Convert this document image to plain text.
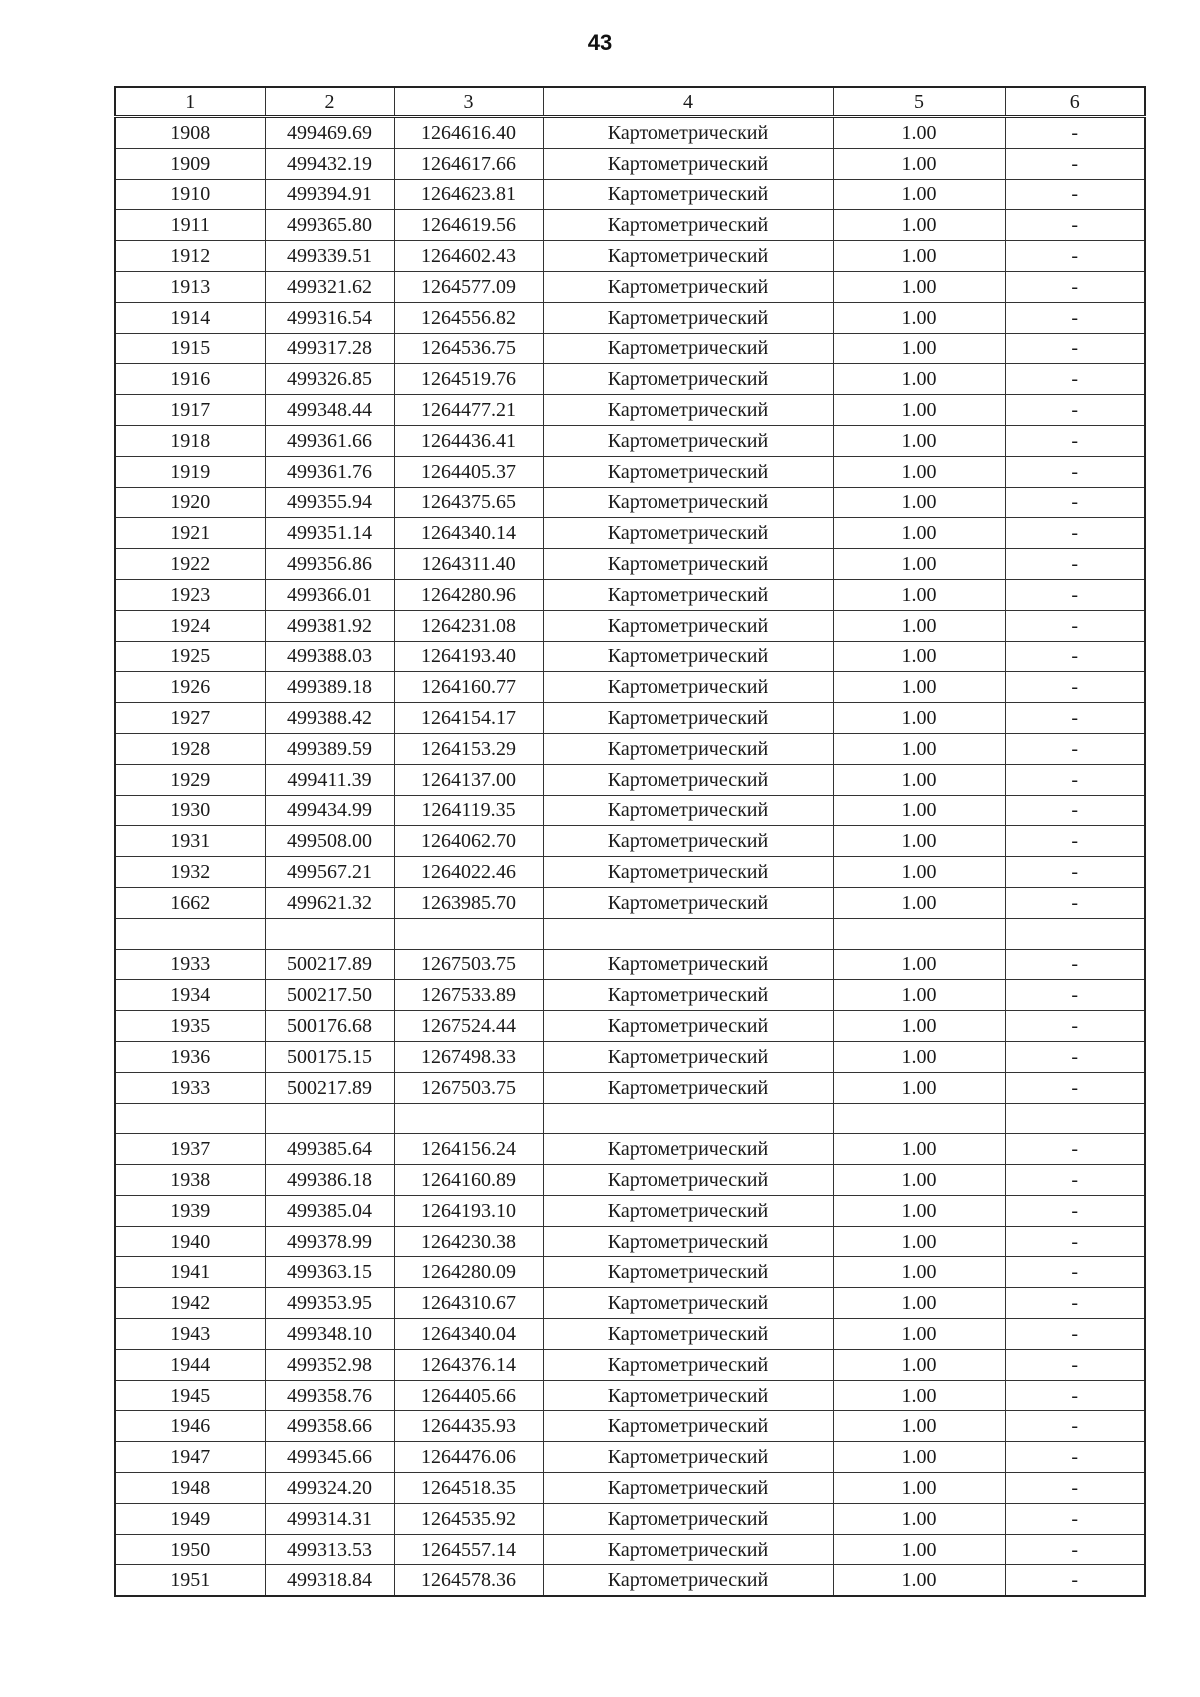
43
1	2	3	4	5	6
1908	499469.69	1264616.40	Картометрический	1.00	-
1909	499432.19	1264617.66	Картометрический	1.00	-
1910	499394.91	1264623.81	Картометрический	1.00	-
1911	499365.80	1264619.56	Картометрический	1.00	-
1912	499339.51	1264602.43	Картометрический	1.00	-
1913	499321.62	1264577.09	Картометрический	1.00	-
1914	499316.54	1264556.82	Картометрический	1.00	-
1915	499317.28	1264536.75	Картометрический	1.00	-
1916	499326.85	1264519.76	Картометрический	1.00	-
1917	499348.44	1264477.21	Картометрический	1.00	-
1918	499361.66	1264436.41	Картометрический	1.00	-
1919	499361.76	1264405.37	Картометрический	1.00	-
1920	499355.94	1264375.65	Картометрический	1.00	-
1921	499351.14	1264340.14	Картометрический	1.00	-
1922	499356.86	1264311.40	Картометрический	1.00	-
1923	499366.01	1264280.96	Картометрический	1.00	-
1924	499381.92	1264231.08	Картометрический	1.00	-
1925	499388.03	1264193.40	Картометрический	1.00	-
1926	499389.18	1264160.77	Картометрический	1.00	-
1927	499388.42	1264154.17	Картометрический	1.00	-
1928	499389.59	1264153.29	Картометрический	1.00	-
1929	499411.39	1264137.00	Картометрический	1.00	-
1930	499434.99	1264119.35	Картометрический	1.00	-
1931	499508.00	1264062.70	Картометрический	1.00	-
1932	499567.21	1264022.46	Картометрический	1.00	-
1662	499621.32	1263985.70	Картометрический	1.00	-

1933	500217.89	1267503.75	Картометрический	1.00	-
1934	500217.50	1267533.89	Картометрический	1.00	-
1935	500176.68	1267524.44	Картометрический	1.00	-
1936	500175.15	1267498.33	Картометрический	1.00	-
1933	500217.89	1267503.75	Картометрический	1.00	-

1937	499385.64	1264156.24	Картометрический	1.00	-
1938	499386.18	1264160.89	Картометрический	1.00	-
1939	499385.04	1264193.10	Картометрический	1.00	-
1940	499378.99	1264230.38	Картометрический	1.00	-
1941	499363.15	1264280.09	Картометрический	1.00	-
1942	499353.95	1264310.67	Картометрический	1.00	-
1943	499348.10	1264340.04	Картометрический	1.00	-
1944	499352.98	1264376.14	Картометрический	1.00	-
1945	499358.76	1264405.66	Картометрический	1.00	-
1946	499358.66	1264435.93	Картометрический	1.00	-
1947	499345.66	1264476.06	Картометрический	1.00	-
1948	499324.20	1264518.35	Картометрический	1.00	-
1949	499314.31	1264535.92	Картометрический	1.00	-
1950	499313.53	1264557.14	Картометрический	1.00	-
1951	499318.84	1264578.36	Картометрический	1.00	-
